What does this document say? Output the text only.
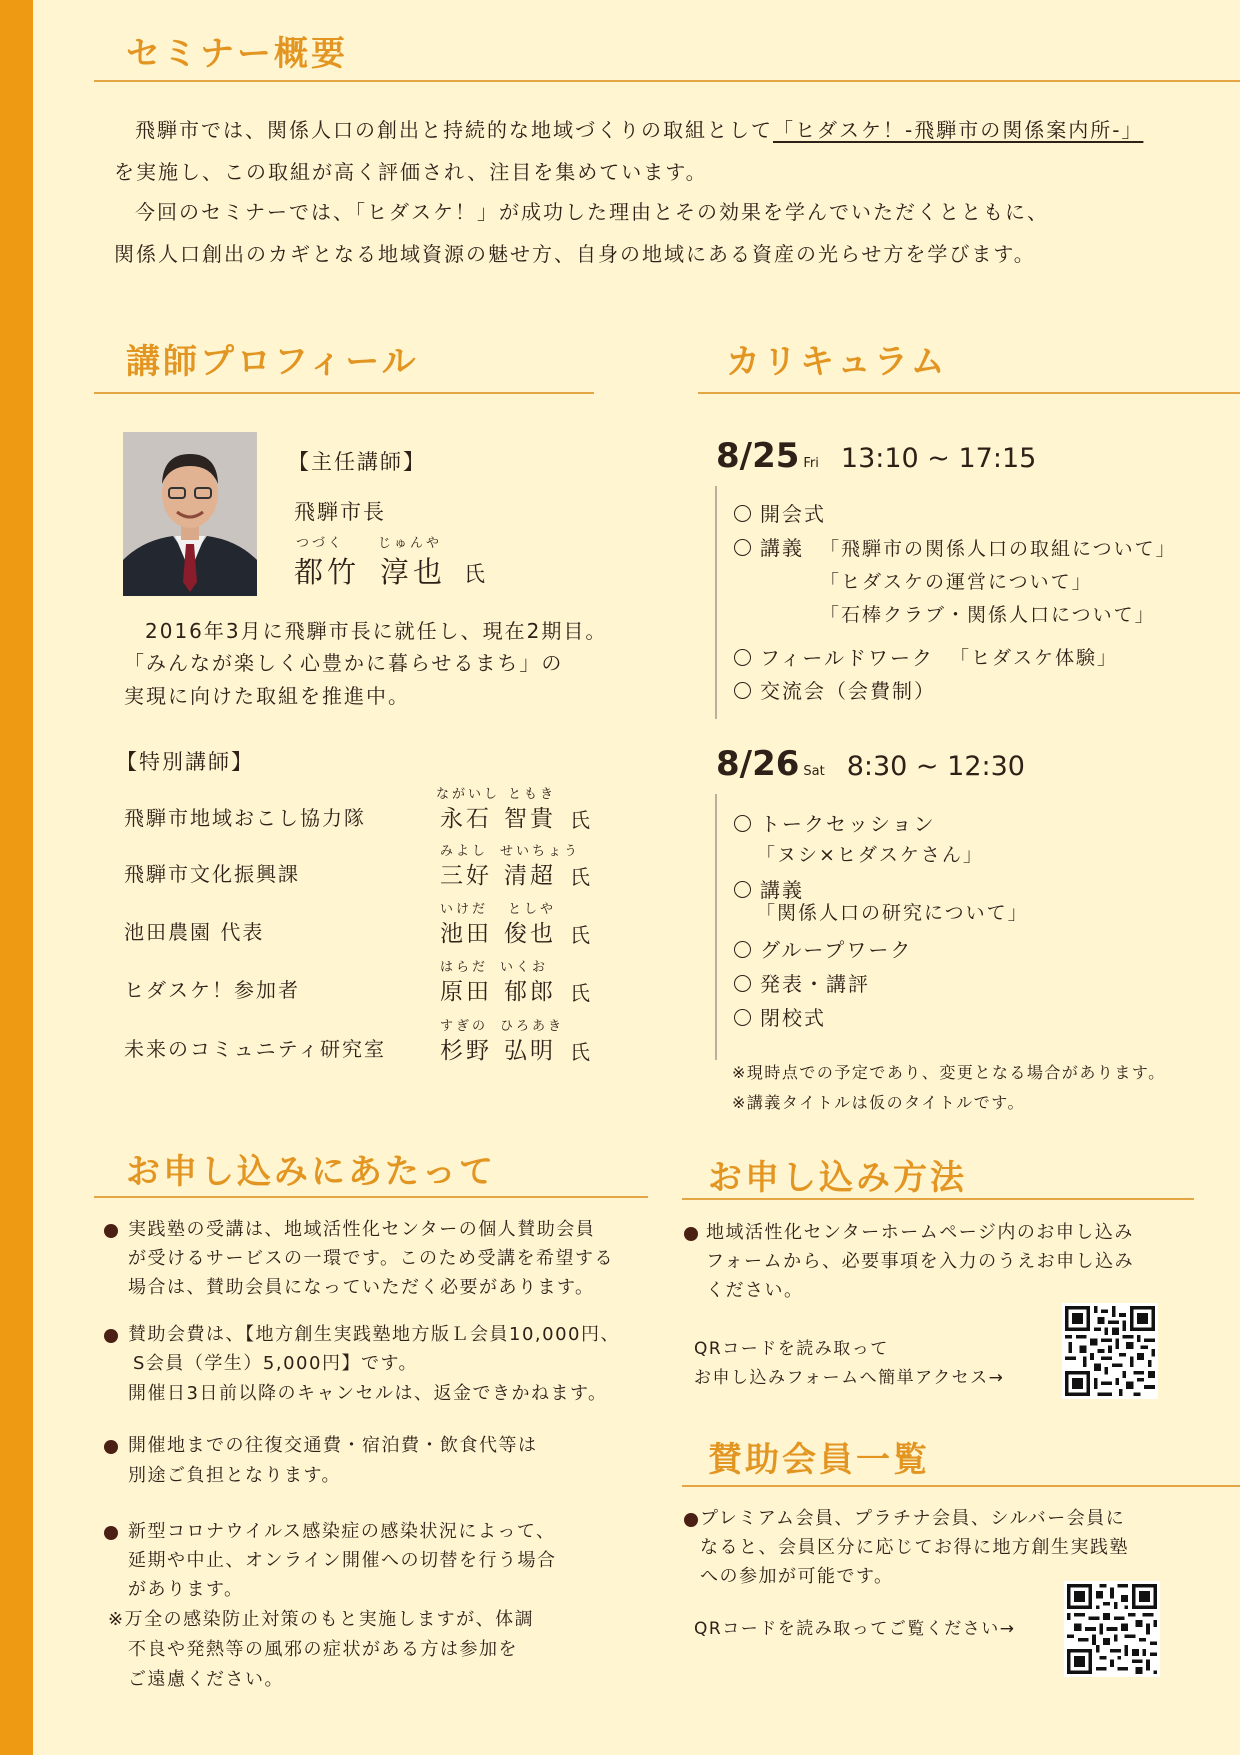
セミナー概要
飛騨市では、関係人口の創出と持続的な地域づくりの取組として「ヒダスケ！-飛騨市の関係案内所-」
を実施し、この取組が高く評価され、注目を集めています。
今回のセミナーでは、「ヒダスケ！」が成功した理由とその効果を学んでいただくとともに、
関係人口創出のカギとなる地域資源の魅せ方、自身の地域にある資産の光らせ方を学びます。
講師プロフィール
【主任講師】
飛騨市長
つづく	じゅんや
都竹 淳也 氏
2016年3月に飛騨市長に就任し、現在2期目。
「みんなが楽しく心豊かに暮らせるまち」の
実現に向けた取組を推進中。
【特別講師】
飛騨市地域おこし協力隊
ながいし ともき
永石 智貴 氏
飛騨市文化振興課
みよし せいちょう
三好 清超 氏
池田農園 代表
いけだ としや
池田 俊也 氏
ヒダスケ！参加者
はらだ いくお
原田 郁郎 氏
未来のコミュニティ研究室
すぎの ひろあき
杉野 弘明 氏
カリキュラム
8/25 Fri 13:10 ~ 17:15
開会式
講義 「飛騨市の関係人口の取組について」
「ヒダスケの運営について」
「石棒クラブ・関係人口について」
フィールドワーク 「ヒダスケ体験」
交流会（会費制）
8/26 Sat 8:30 ~ 12:30
トークセッション
「ヌシ×ヒダスケさん」
講義
「関係人口の研究について」
グループワーク
発表・講評
閉校式
※現時点での予定であり、変更となる場合があります。
※講義タイトルは仮のタイトルです。
お申し込みにあたって
実践塾の受講は、地域活性化センターの個人賛助会員
が受けるサービスの一環です。このため受講を希望する
場合は、賛助会員になっていただく必要があります。
賛助会費は、【地方創生実践塾地方版Ｌ会員10,000円、
S会員（学生）5,000円】です。
開催日3日前以降のキャンセルは、返金できかねます。
開催地までの往復交通費・宿泊費・飲食代等は
別途ご負担となります。
新型コロナウイルス感染症の感染状況によって、
延期や中止、オンライン開催への切替を行う場合
があります。
※万全の感染防止対策のもと実施しますが、体調
不良や発熱等の風邪の症状がある方は参加を
ご遠慮ください。
お申し込み方法
地域活性化センターホームページ内のお申し込み
フォームから、必要事項を入力のうえお申し込み
ください。
QRコードを読み取って
お申し込みフォームへ簡単アクセス→
賛助会員一覧
プレミアム会員、プラチナ会員、シルバー会員に
なると、会員区分に応じてお得に地方創生実践塾
への参加が可能です。
QRコードを読み取ってご覧ください→
